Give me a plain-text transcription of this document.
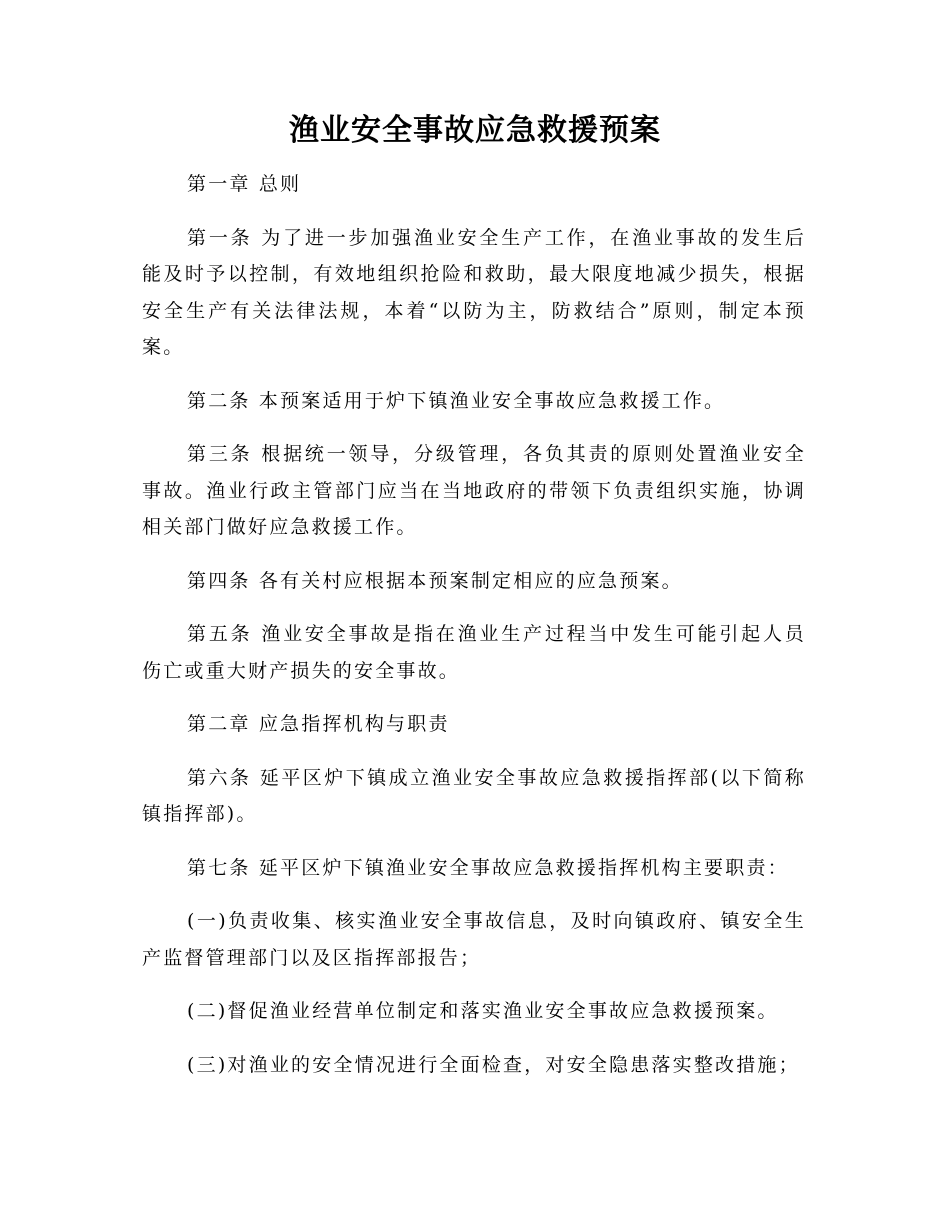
渔业安全事故应急救援预案

第一章 总则

第一条 为了进一步加强渔业安全生产工作，在渔业事故的发生后能及时予以控制，有效地组织抢险和救助，最大限度地减少损失，根据安全生产有关法律法规，本着“以防为主，防救结合”原则，制定本预案。

第二条 本预案适用于炉下镇渔业安全事故应急救援工作。

第三条 根据统一领导，分级管理，各负其责的原则处置渔业安全事故。渔业行政主管部门应当在当地政府的带领下负责组织实施，协调相关部门做好应急救援工作。

第四条 各有关村应根据本预案制定相应的应急预案。

第五条 渔业安全事故是指在渔业生产过程当中发生可能引起人员伤亡或重大财产损失的安全事故。

第二章 应急指挥机构与职责

第六条 延平区炉下镇成立渔业安全事故应急救援指挥部(以下简称镇指挥部)。

第七条 延平区炉下镇渔业安全事故应急救援指挥机构主要职责：

(一)负责收集、核实渔业安全事故信息，及时向镇政府、镇安全生产监督管理部门以及区指挥部报告；

(二)督促渔业经营单位制定和落实渔业安全事故应急救援预案。

(三)对渔业的安全情况进行全面检查，对安全隐患落实整改措施；
